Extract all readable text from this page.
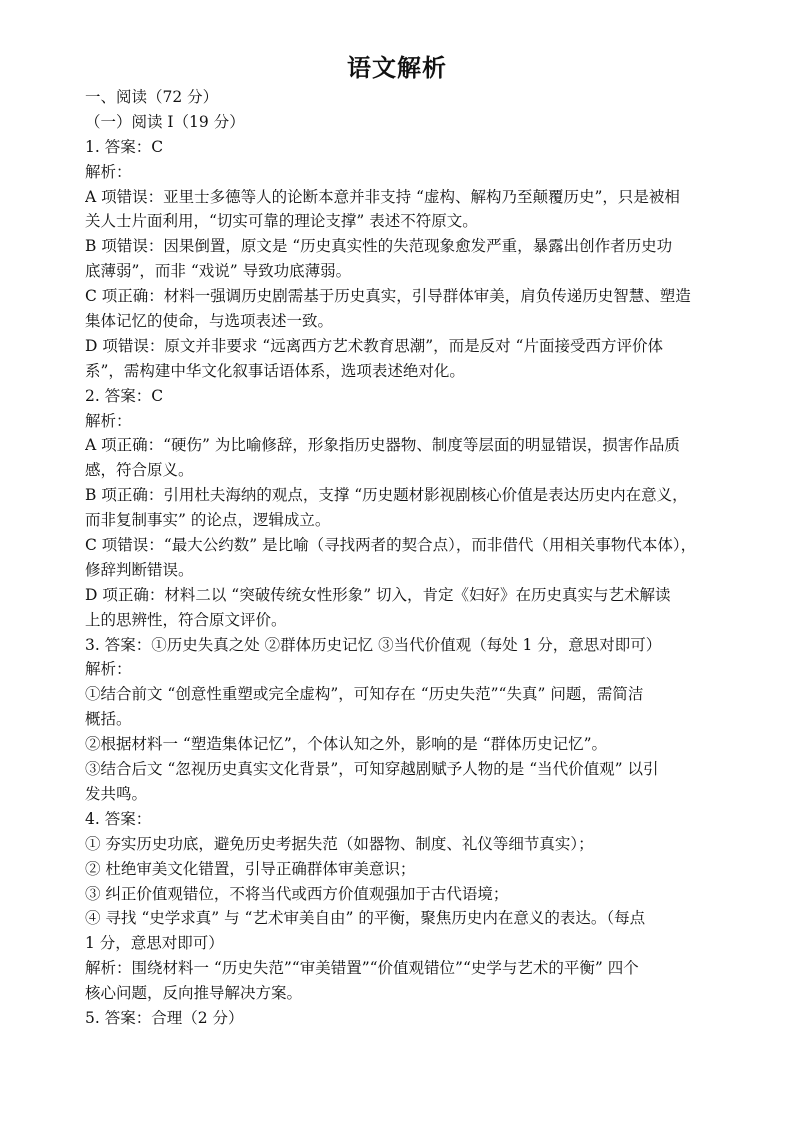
语文解析
一、阅读（72 分）
（一）阅读 Ⅰ（19 分）
1. 答案：C
解析：
A 项错误：亚里士多德等人的论断本意并非支持 “虚构、解构乃至颠覆历史”，只是被相
关人士片面利用，“切实可靠的理论支撑” 表述不符原文。
B 项错误：因果倒置，原文是 “历史真实性的失范现象愈发严重，暴露出创作者历史功
底薄弱”，而非 “戏说” 导致功底薄弱。
C 项正确：材料一强调历史剧需基于历史真实，引导群体审美，肩负传递历史智慧、塑造
集体记忆的使命，与选项表述一致。
D 项错误：原文并非要求 “远离西方艺术教育思潮”，而是反对 “片面接受西方评价体
系”，需构建中华文化叙事话语体系，选项表述绝对化。
2. 答案：C
解析：
A 项正确：“硬伤” 为比喻修辞，形象指历史器物、制度等层面的明显错误，损害作品质
感，符合原义。
B 项正确：引用杜夫海纳的观点，支撑 “历史题材影视剧核心价值是表达历史内在意义，
而非复制事实” 的论点，逻辑成立。
C 项错误：“最大公约数” 是比喻（寻找两者的契合点），而非借代（用相关事物代本体），
修辞判断错误。
D 项正确：材料二以 “突破传统女性形象” 切入，肯定《妇好》在历史真实与艺术解读
上的思辨性，符合原文评价。
3. 答案：①历史失真之处 ②群体历史记忆 ③当代价值观（每处 1 分，意思对即可）
解析：
①结合前文 “创意性重塑或完全虚构”，可知存在 “历史失范”“失真” 问题，需简洁
概括。
②根据材料一 “塑造集体记忆”，个体认知之外，影响的是 “群体历史记忆”。
③结合后文 “忽视历史真实文化背景”，可知穿越剧赋予人物的是 “当代价值观” 以引
发共鸣。
4. 答案：
① 夯实历史功底，避免历史考据失范（如器物、制度、礼仪等细节真实）；
② 杜绝审美文化错置，引导正确群体审美意识；
③ 纠正价值观错位，不将当代或西方价值观强加于古代语境；
④ 寻找 “史学求真” 与 “艺术审美自由” 的平衡，聚焦历史内在意义的表达。（每点
1 分，意思对即可）
解析：围绕材料一 “历史失范”“审美错置”“价值观错位”“史学与艺术的平衡” 四个
核心问题，反向推导解决方案。
5. 答案：合理（2 分）
